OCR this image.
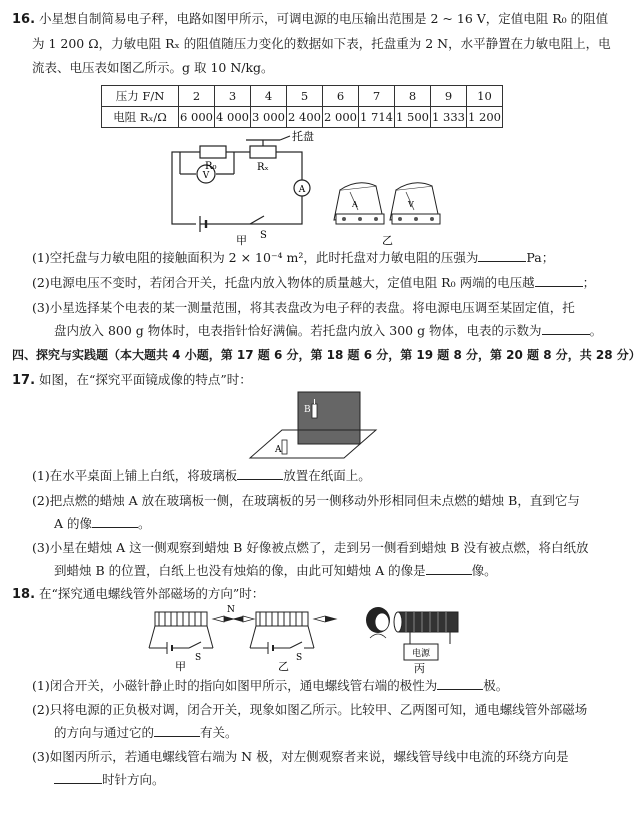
16. 小星想自制简易电子秤，电路如图甲所示，可调电源的电压输出范围是 2 ~ 16 V，定值电阻 R₀ 的阻值
为 1 200 Ω，力敏电阻 Rₓ 的阻值随压力变化的数据如下表，托盘重为 2 N，水平静置在力敏电阻上，电
流表、电压表如图乙所示。g 取 10 N/kg。
压力 F/N	2	3	4	5	6	7	8	9	10
电阻 Rₓ/Ω	6 000	4 000	3 000	2 400	2 000	1 714	1 500	1 333	1 200
V
A
R₀	Rₓ
托盘
S
甲
A	V
乙
(1)空托盘与力敏电阻的接触面积为 2 × 10⁻⁴ m²，此时托盘对力敏电阻的压强为	Pa；
(2)电源电压不变时，若闭合开关，托盘内放入物体的质量越大，定值电阻 R₀ 两端的电压越	；
(3)小星选择某个电表的某一测量范围，将其表盘改为电子秤的表盘。将电源电压调至某固定值，托
盘内放入 800 g 物体时，电表指针恰好满偏。若托盘内放入 300 g 物体，电表的示数为	。
四、探究与实践题（本大题共 4 小题，第 17 题 6 分，第 18 题 6 分，第 19 题 8 分，第 20 题 8 分，共 28 分）
17. 如图，在“探究平面镜成像的特点”时：
B
A
(1)在水平桌面上铺上白纸，将玻璃板	放置在纸面上。
(2)把点燃的蜡烛 A 放在玻璃板一侧，在玻璃板的另一侧移动外形相同但未点燃的蜡烛 B，直到它与
A 的像	。
(3)小星在蜡烛 A 这一侧观察到蜡烛 B 好像被点燃了，走到另一侧看到蜡烛 B 没有被点燃，将白纸放
到蜡烛 B 的位置，白纸上也没有烛焰的像，由此可知蜡烛 A 的像是	像。
18. 在“探究通电螺线管外部磁场的方向”时：
N
S
甲
S
乙
电源
丙
(1)闭合开关，小磁针静止时的指向如图甲所示，通电螺线管右端的极性为	极。
(2)只将电源的正负极对调，闭合开关，现象如图乙所示。比较甲、乙两图可知，通电螺线管外部磁场
的方向与通过它的	有关。
(3)如图丙所示，若通电螺线管右端为 N 极，对左侧观察者来说，螺线管导线中电流的环绕方向是
时针方向。
